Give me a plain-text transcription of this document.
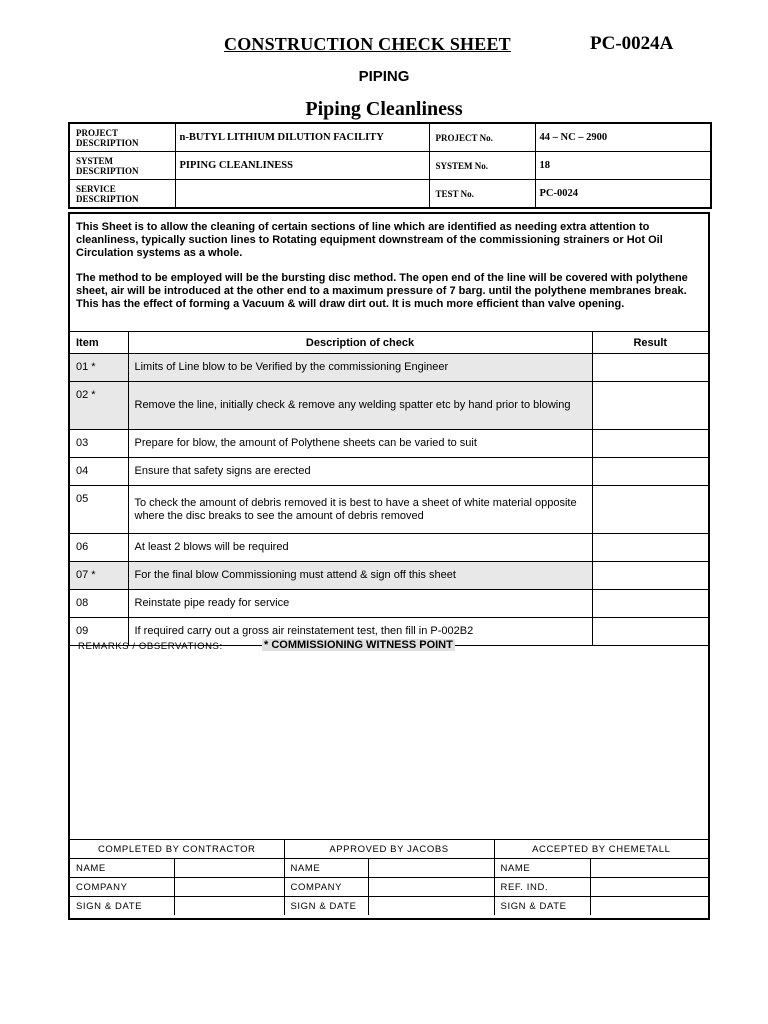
CONSTRUCTION CHECK SHEET	PC-0024A
PIPING
Piping Cleanliness
PROJECT DESCRIPTION	n-BUTYL LITHIUM DILUTION FACILITY	PROJECT No.	44 – NC – 2900
SYSTEM DESCRIPTION	PIPING CLEANLINESS	SYSTEM No.	18
SERVICE DESCRIPTION		TEST No.	PC-0024

This Sheet is to allow the cleaning of certain sections of line which are identified as needing extra attention to cleanliness, typically suction lines to Rotating equipment downstream of the commissioning strainers or Hot Oil Circulation systems as a whole.

The method to be employed will be the bursting disc method. The open end of the line will be covered with polythene sheet, air will be introduced at the other end to a maximum pressure of 7 barg. until the polythene membranes break. This has the effect of forming a Vacuum & will draw dirt out. It is much more efficient than valve opening.

Item	Description of check	Result
01 *	Limits of Line blow to be Verified by the commissioning Engineer	
02 *	Remove the line, initially check & remove any welding spatter etc by hand prior to blowing	
03	Prepare for blow, the amount of Polythene sheets can be varied to suit	
04	Ensure that safety signs are erected	
05	To check the amount of debris removed it is best to have a sheet of white material opposite where the disc breaks to see the amount of debris removed	
06	At least 2 blows will be required	
07 *	For the final blow Commissioning must attend & sign off this sheet	
08	Reinstate pipe ready for service	
09	If required carry out a gross air reinstatement test, then fill in P-002B2	
REMARKS / OBSERVATIONS:	* COMMISSIONING WITNESS POINT
COMPLETED BY CONTRACTOR		APPROVED BY JACOBS		ACCEPTED BY CHEMETALL	
NAME		NAME		NAME	
COMPANY		COMPANY		REF. IND.	
SIGN & DATE		SIGN & DATE		SIGN & DATE	
